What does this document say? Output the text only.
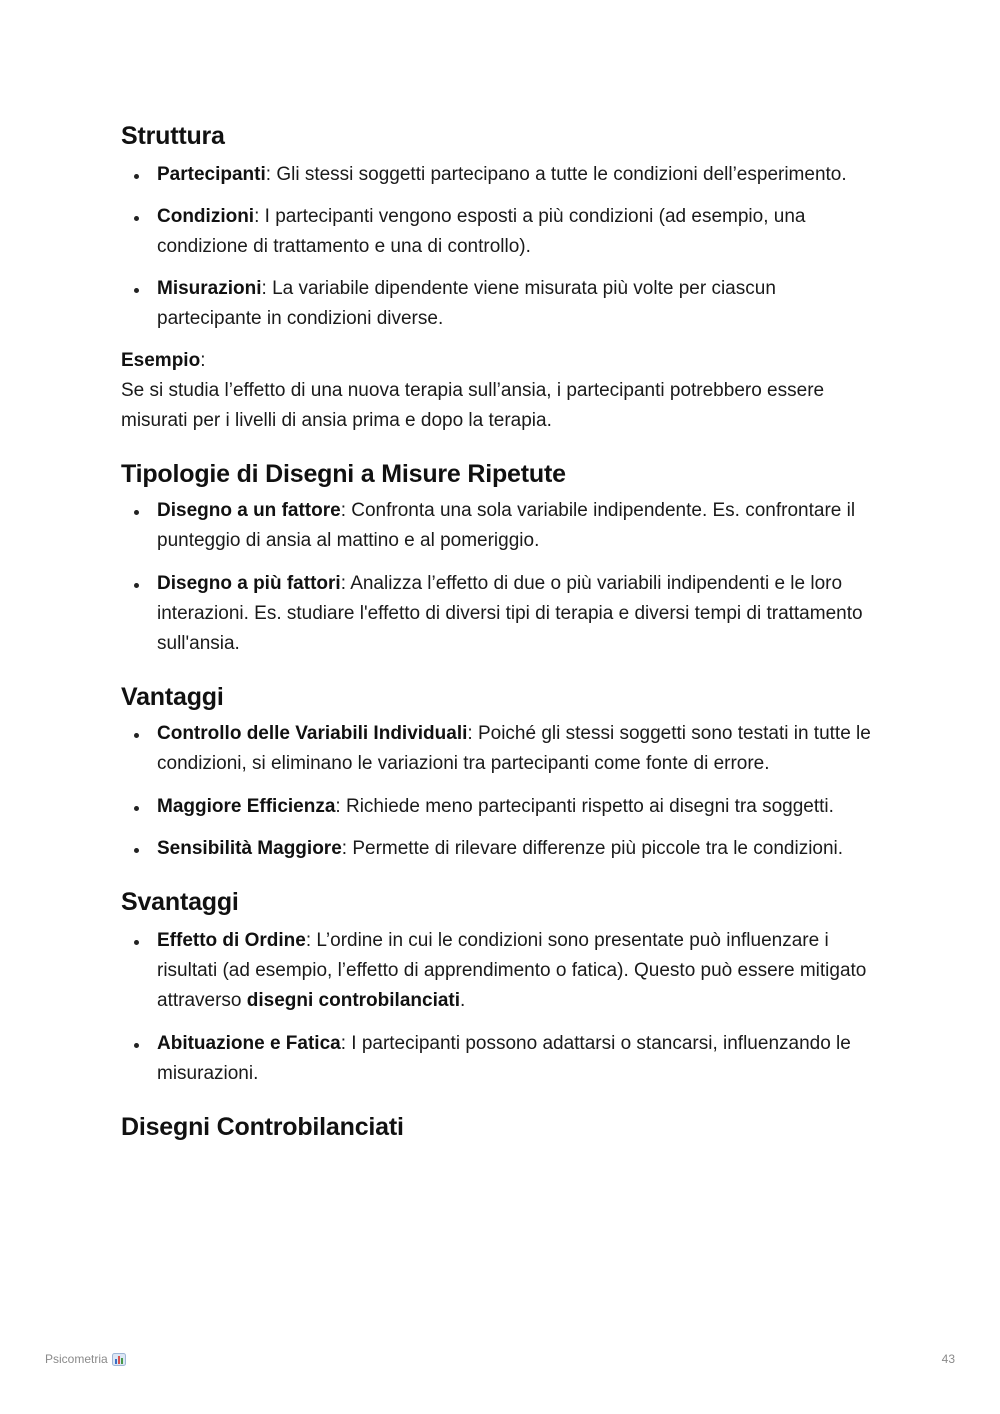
Struttura
Partecipanti: Gli stessi soggetti partecipano a tutte le condizioni dell’esperimento.
Condizioni: I partecipanti vengono esposti a più condizioni (ad esempio, una condizione di trattamento e una di controllo).
Misurazioni: La variabile dipendente viene misurata più volte per ciascun partecipante in condizioni diverse.

Esempio:

Se si studia l’effetto di una nuova terapia sull’ansia, i partecipanti potrebbero essere misurati per i livelli di ansia prima e dopo la terapia.

Tipologie di Disegni a Misure Ripetute
Disegno a un fattore: Confronta una sola variabile indipendente. Es. confrontare il punteggio di ansia al mattino e al pomeriggio.
Disegno a più fattori: Analizza l’effetto di due o più variabili indipendenti e le loro interazioni. Es. studiare l'effetto di diversi tipi di terapia e diversi tempi di trattamento sull'ansia.
Vantaggi
Controllo delle Variabili Individuali: Poiché gli stessi soggetti sono testati in tutte le condizioni, si eliminano le variazioni tra partecipanti come fonte di errore.
Maggiore Efficienza: Richiede meno partecipanti rispetto ai disegni tra soggetti.
Sensibilità Maggiore: Permette di rilevare differenze più piccole tra le condizioni.
Svantaggi
Effetto di Ordine: L’ordine in cui le condizioni sono presentate può influenzare i risultati (ad esempio, l’effetto di apprendimento o fatica). Questo può essere mitigato attraverso disegni controbilanciati.
Abituazione e Fatica: I partecipanti possono adattarsi o stancarsi, influenzando le misurazioni.
Disegni Controbilanciati
Psicometria	43
